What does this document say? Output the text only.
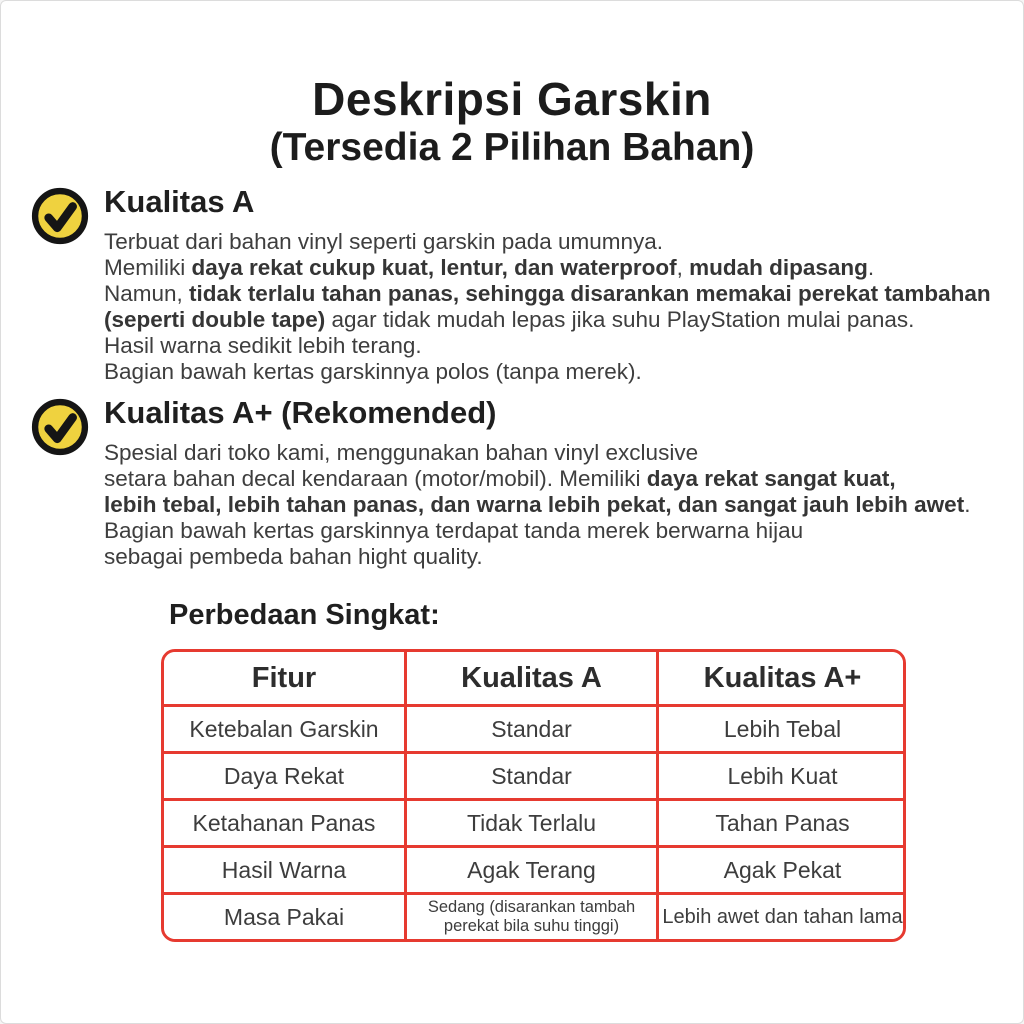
Deskripsi Garskin
(Tersedia 2 Pilihan Bahan)
Kualitas A
Terbuat dari bahan vinyl seperti garskin pada umumnya.
Memiliki daya rekat cukup kuat, lentur, dan waterproof, mudah dipasang.
Namun, tidak terlalu tahan panas, sehingga disarankan memakai perekat tambahan
(seperti double tape) agar tidak mudah lepas jika suhu PlayStation mulai panas.
Hasil warna sedikit lebih terang.
Bagian bawah kertas garskinnya polos (tanpa merek).
Kualitas A+ (Rekomended)
Spesial dari toko kami, menggunakan bahan vinyl exclusive
setara bahan decal kendaraan (motor/mobil). Memiliki daya rekat sangat kuat,
lebih tebal, lebih tahan panas, dan warna lebih pekat, dan sangat jauh lebih awet.
Bagian bawah kertas garskinnya terdapat tanda merek berwarna hijau
sebagai pembeda bahan hight quality.
Perbedaan Singkat:
Fitur	Kualitas A	Kualitas A+
Ketebalan Garskin	Standar	Lebih Tebal
Daya Rekat	Standar	Lebih Kuat
Ketahanan Panas	Tidak Terlalu	Tahan Panas
Hasil Warna	Agak Terang	Agak Pekat
Masa Pakai	Sedang (disarankan tambah perekat bila suhu tinggi)	Lebih awet dan tahan lama
